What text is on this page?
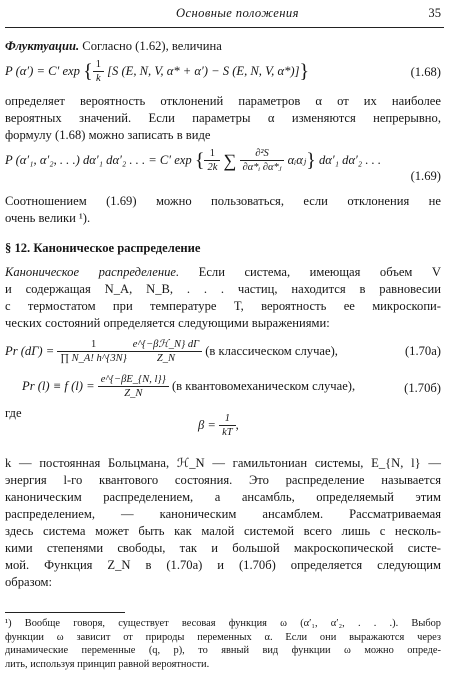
Основные положения	35
Флуктуации. Согласно (1.62), величина
P (α′) = C′ exp { $\frac{1}{k} [S$ (E, N, V, α* + α′) − S (E, N, V, α*)]}	(1.68)
определяет вероятность отклонений параметров α от их наиболее
вероятных значений. Если параметры α изменяются непрерывно,
формулу (1.68) можно записать в виде
P (α′₁, α′₂, . . .) dα′₁ dα′₂ . . . = C′ exp { $\frac{1}{2k}$ ∑ $\frac{\text{∂²S}}{\text{∂α*ᵢ ∂α*ⱼ}}$ αᵢαⱼ} dα′₁ dα′₂ . . .
(1.69)
Соотношением (1.69) можно пользоваться, если отклонения не
очень велики ¹).
§ 12. Каноническое распределение
Каноническое распределение. Если система, имеющая объем V
и содержащая N_A, N_B, . . . частиц, находится в равновесии
с термостатом при температуре T, вероятность ее микроскопи-
ческих состояний определяется следующими выражениями:
Pr $(d\Gamma) = \frac{1}{\prod N\_A! h\^{}\{3N\}} \frac{\text{e\textasciicircum{}\{−βℋ\_N\} dΓ}}{Z\_N} (в$ классическом случае),	(1.70а)
Pr (l) ≡ f $(l) = \frac{e\^{}\{-\beta E\_\{N, l\}\}}{Z\_N} (в$ квантовомеханическом случае),	(1.70б)
где
$\beta = \frac{1}{kT}$ ,
k — постоянная Больцмана, ℋ_N — гамильтониан системы, E_{N, l} —
энергия l-го квантового состояния. Это распределение называется
каноническим распределением, а ансамбль, определяемый этим
распределением, — каноническим ансамблем. Рассматриваемая
здесь система может быть как малой системой всего лишь с несколь-
кими степенями свободы, так и большой макроскопической систе-
мой. Функция Z_N в (1.70а) и (1.70б) определяется следующим
образом:
¹) Вообще говоря, существует весовая функция ω (α′₁, α′₂, . . .). Выбор
функции ω зависит от природы переменных α. Если они выражаются через
динамические переменные (q, p), то явный вид функции ω можно опреде-
лить, используя принцип равной вероятности.
